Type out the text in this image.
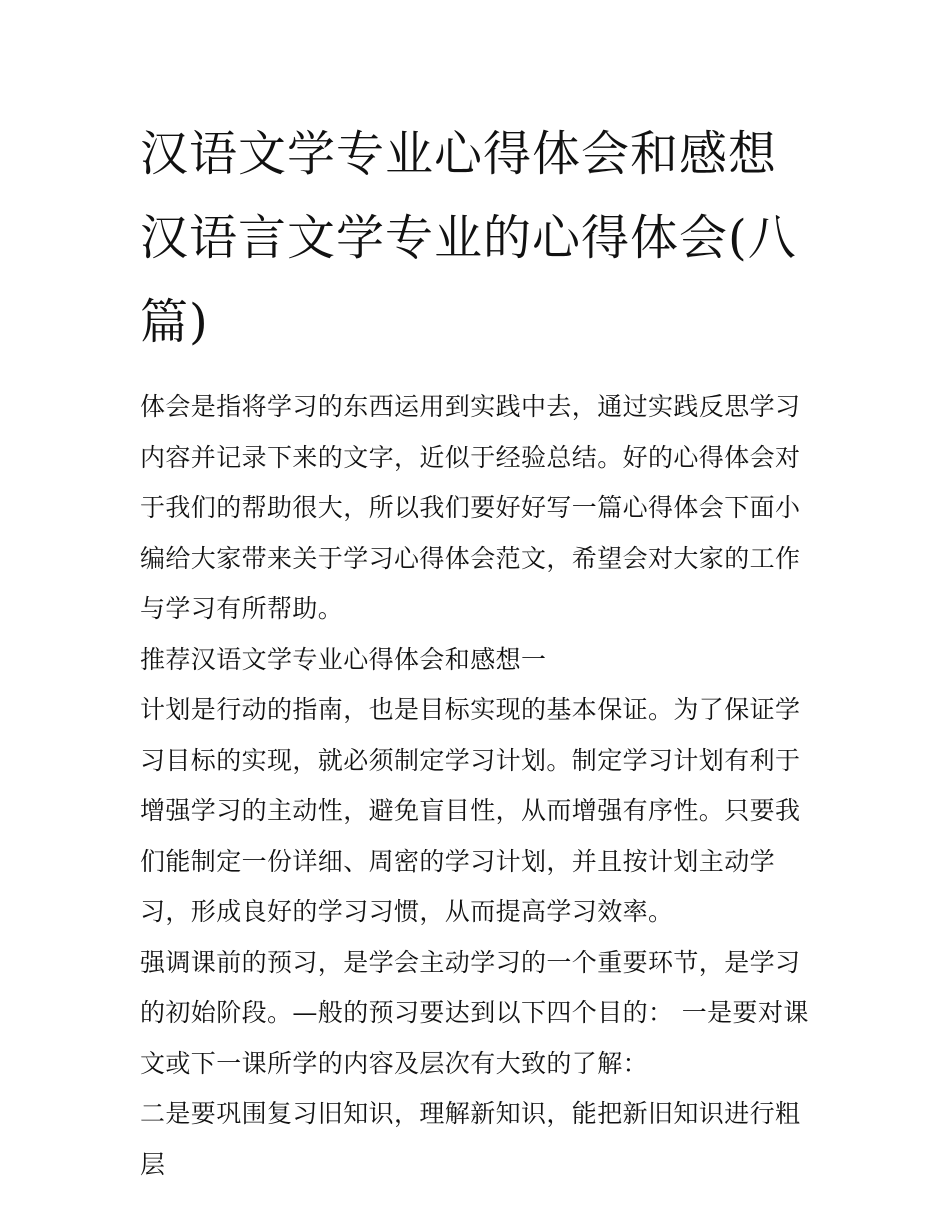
汉语文学专业心得体会和感想汉语言文学专业的心得体会(八篇)

体会是指将学习的东西运用到实践中去，通过实践反思学习内容并记录下来的文字，近似于经验总结。好的心得体会对于我们的帮助很大，所以我们要好好写一篇心得体会下面小编给大家带来关于学习心得体会范文，希望会对大家的工作与学习有所帮助。

推荐汉语文学专业心得体会和感想一

计划是行动的指南，也是目标实现的基本保证。为了保证学习目标的实现，就必须制定学习计划。制定学习计划有利于增强学习的主动性，避免盲目性，从而增强有序性。只要我们能制定一份详细、周密的学习计划，并且按计划主动学习，形成良好的学习习惯，从而提高学习效率。

强调课前的预习，是学会主动学习的一个重要环节，是学习的初始阶段。—般的预习要达到以下四个目的： 一是要对课文或下一课所学的内容及层次有大致的了解：

二是要巩围复习旧知识，理解新知识，能把新旧知识进行粗层
